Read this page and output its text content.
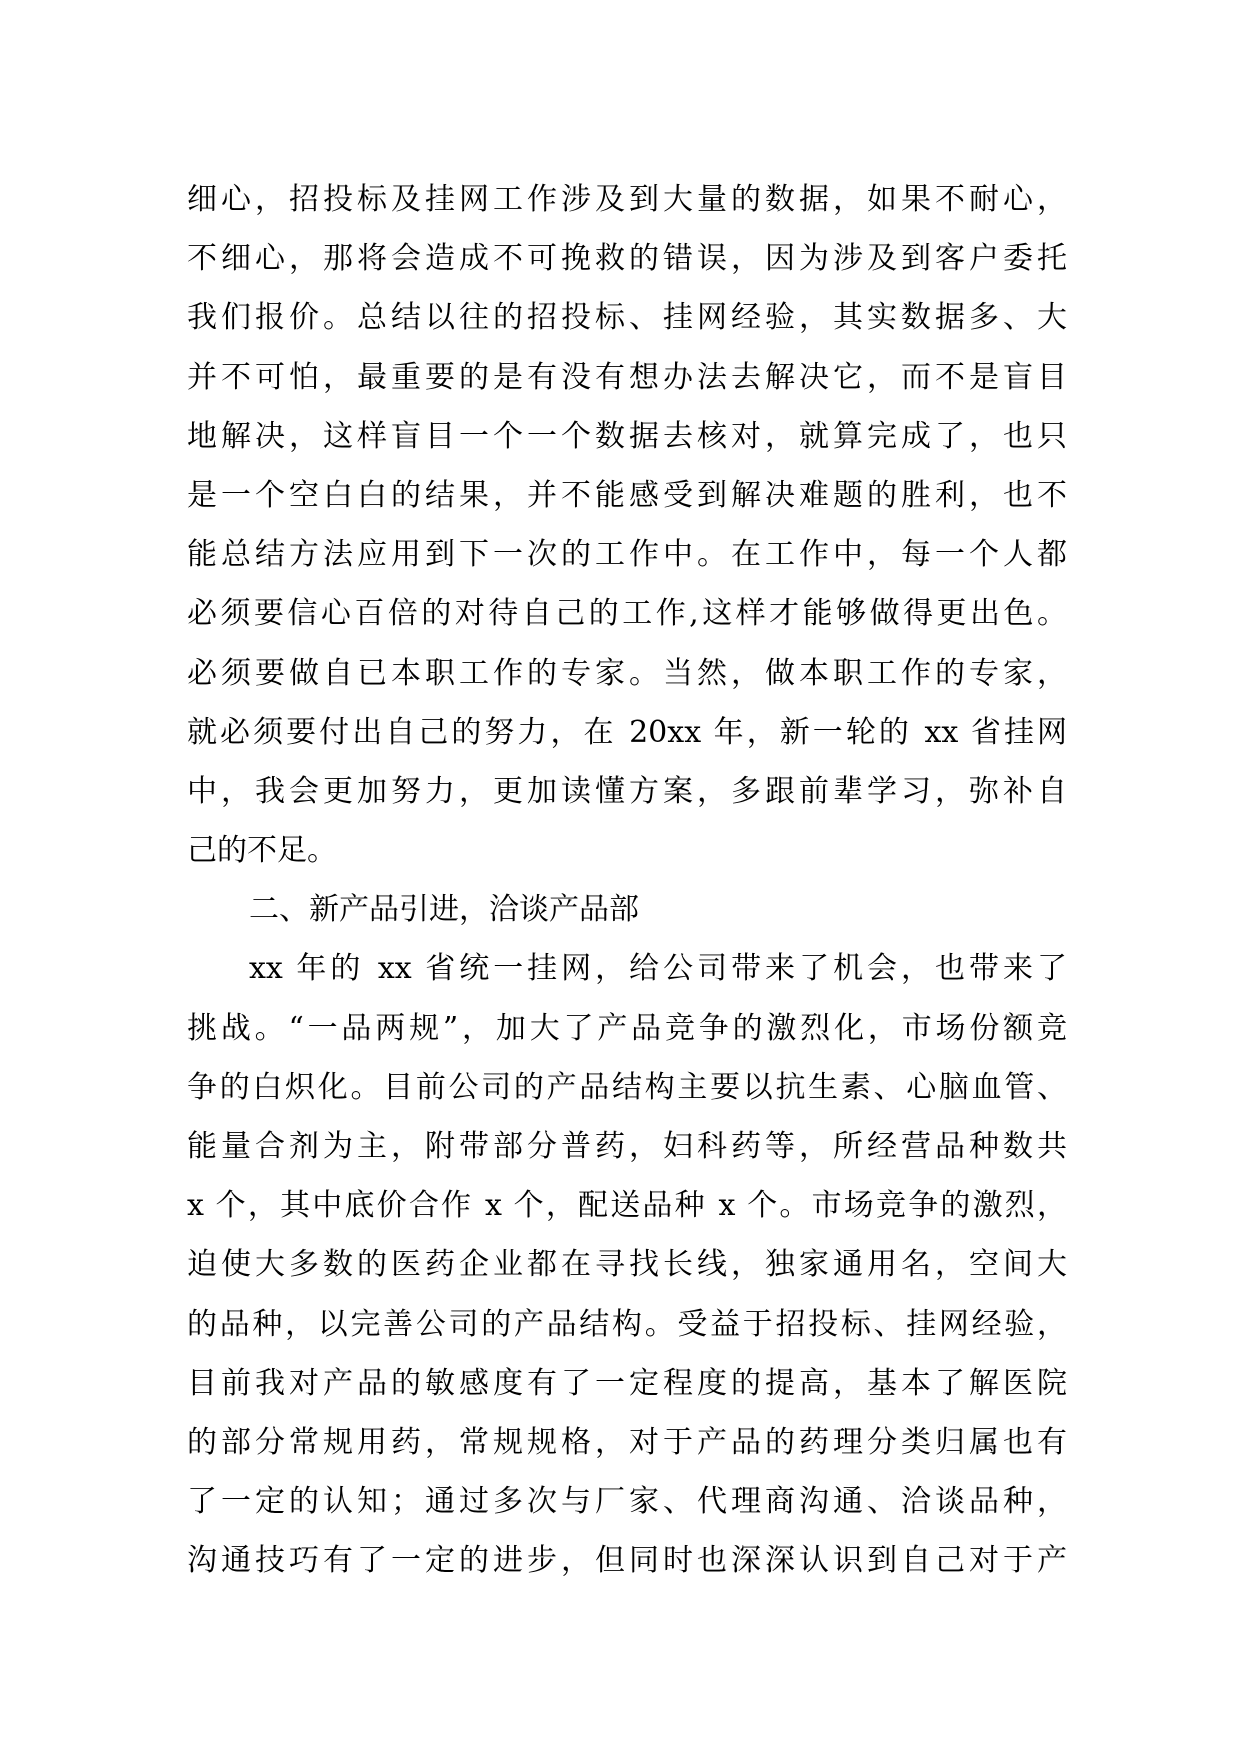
细心，招投标及挂网工作涉及到大量的数据，如果不耐心，
不细心，那将会造成不可挽救的错误，因为涉及到客户委托
我们报价。总结以往的招投标、挂网经验，其实数据多、大
并不可怕，最重要的是有没有想办法去解决它，而不是盲目
地解决，这样盲目一个一个数据去核对，就算完成了，也只
是一个空白白的结果，并不能感受到解决难题的胜利，也不
能总结方法应用到下一次的工作中。在工作中，每一个人都
必须要信心百倍的对待自己的工作,这样才能够做得更出色。
必须要做自已本职工作的专家。当然，做本职工作的专家，
就必须要付出自己的努力，在 20xx 年，新一轮的 xx 省挂网
中，我会更加努力，更加读懂方案，多跟前辈学习，弥补自
己的不足。
二、新产品引进，洽谈产品部
xx 年的 xx 省统一挂网，给公司带来了机会，也带来了
挑战。“一品两规”，加大了产品竞争的激烈化，市场份额竞
争的白炽化。目前公司的产品结构主要以抗生素、心脑血管、
能量合剂为主，附带部分普药，妇科药等，所经营品种数共
x 个，其中底价合作 x 个，配送品种 x 个。市场竞争的激烈，
迫使大多数的医药企业都在寻找长线，独家通用名，空间大
的品种，以完善公司的产品结构。受益于招投标、挂网经验，
目前我对产品的敏感度有了一定程度的提高，基本了解医院
的部分常规用药，常规规格，对于产品的药理分类归属也有
了一定的认知；通过多次与厂家、代理商沟通、洽谈品种，
沟通技巧有了一定的进步，但同时也深深认识到自己对于产
